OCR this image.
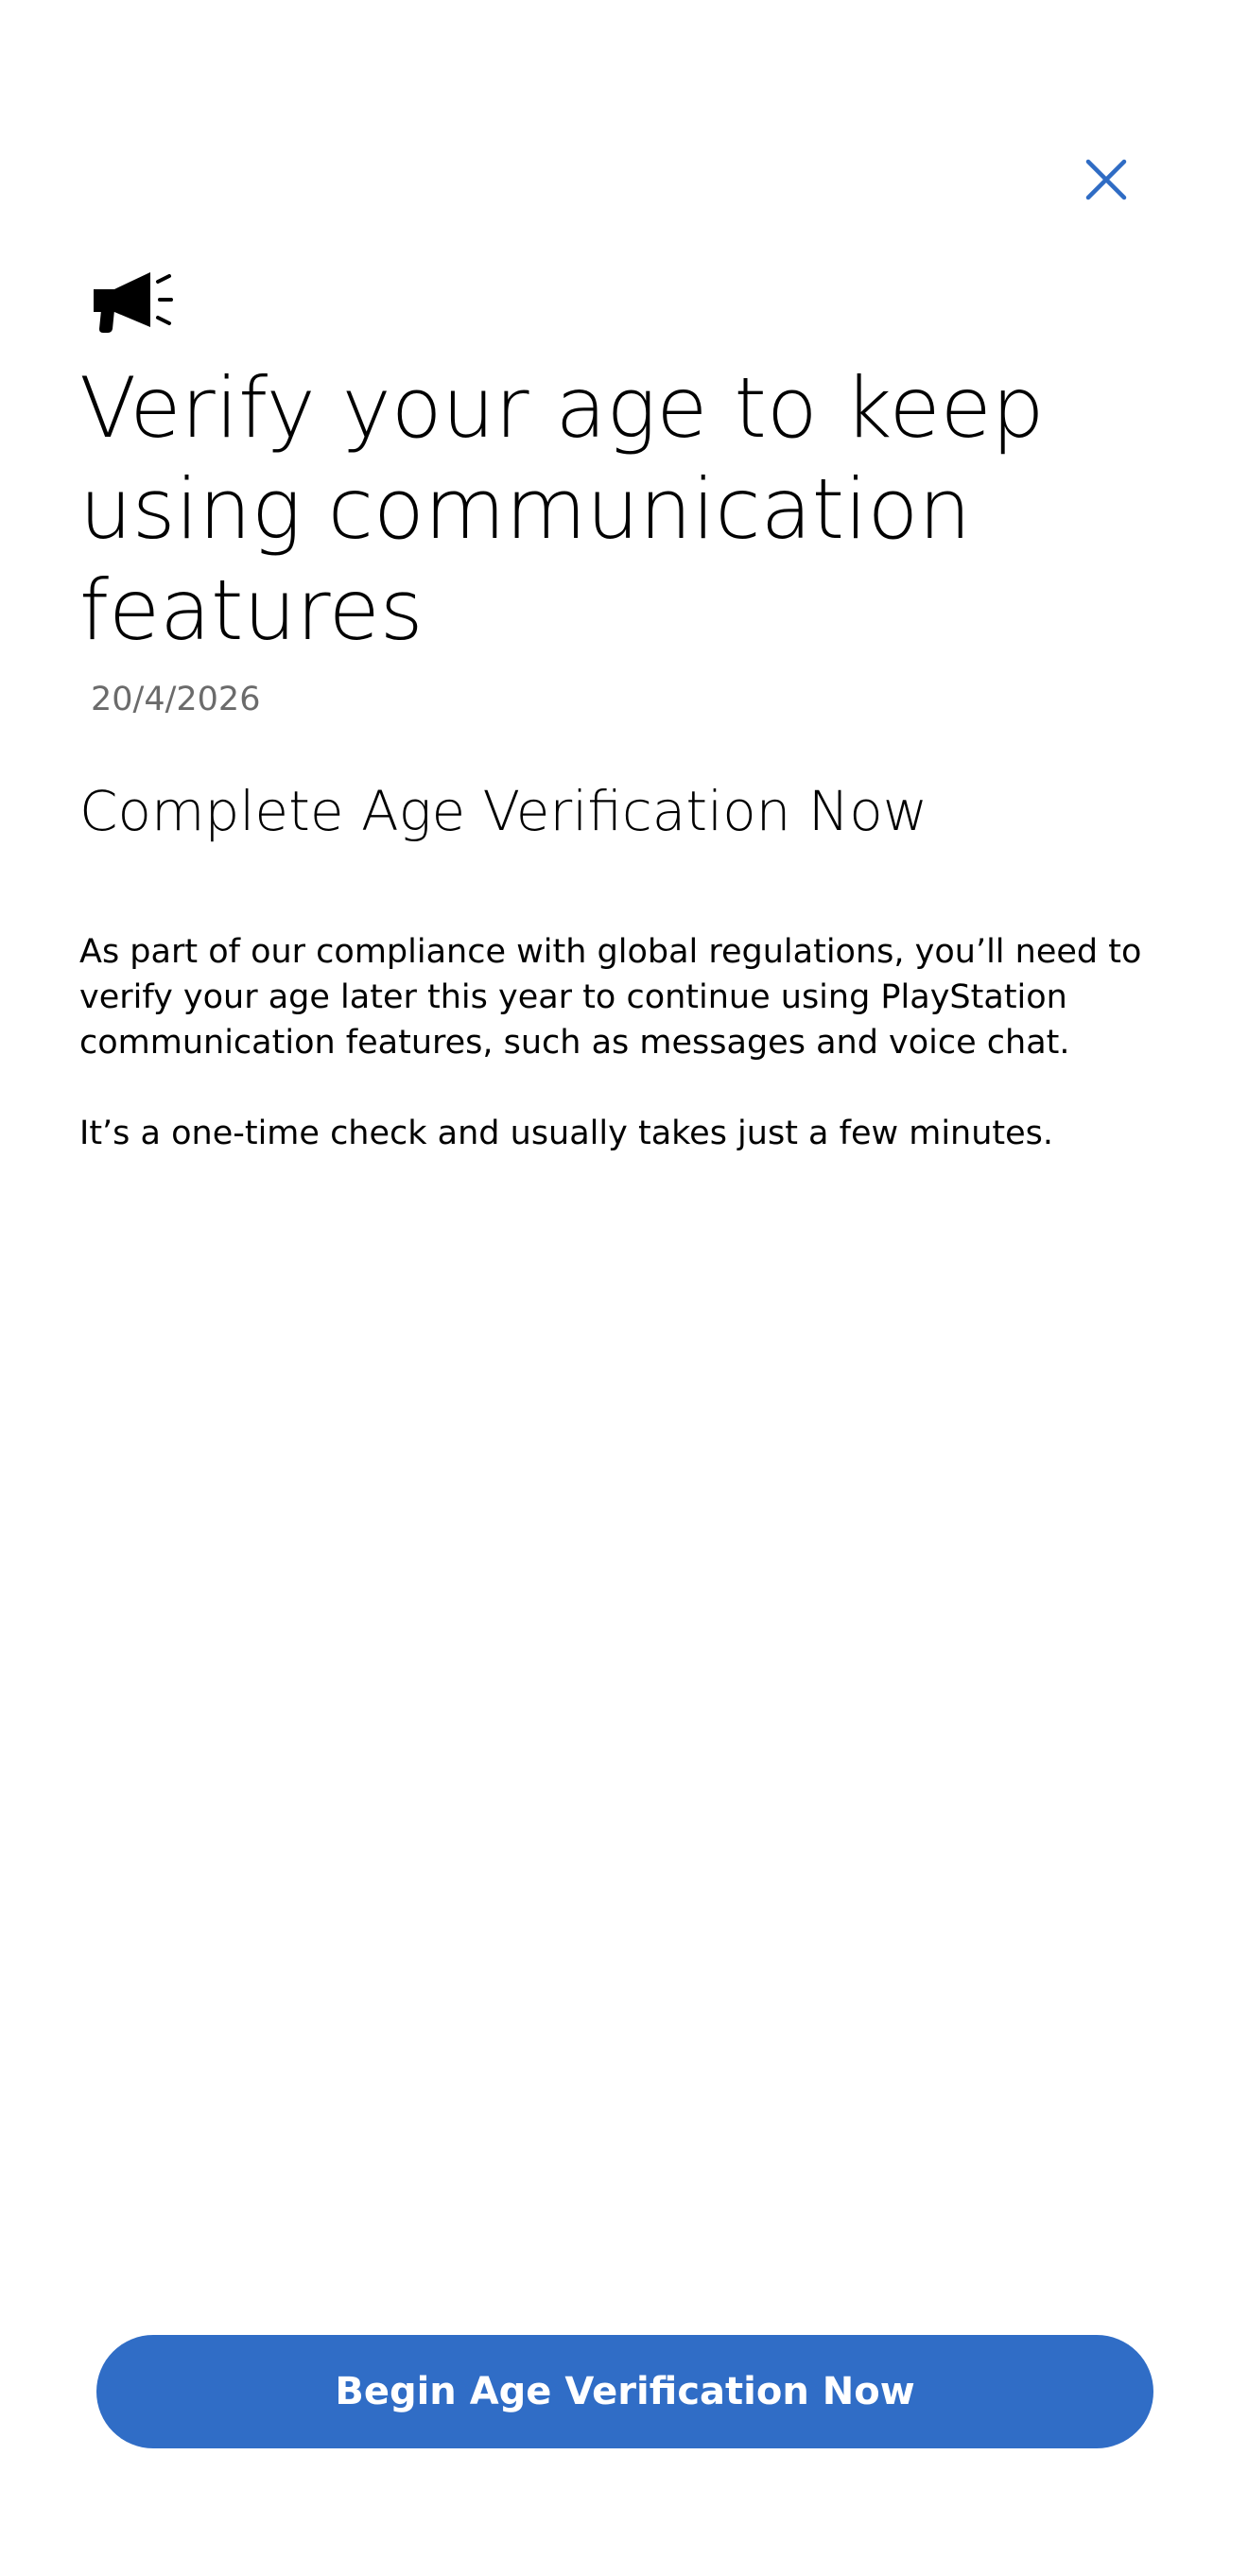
Verify your age to keep using communication features
20/4/2026
Complete Age Verification Now

As part of our compliance with global regulations, you’ll need to verify your age later this year to continue using PlayStation communication features, such as messages and voice chat.

It’s a one-time check and usually takes just a few minutes.

Begin Age Verification Now
